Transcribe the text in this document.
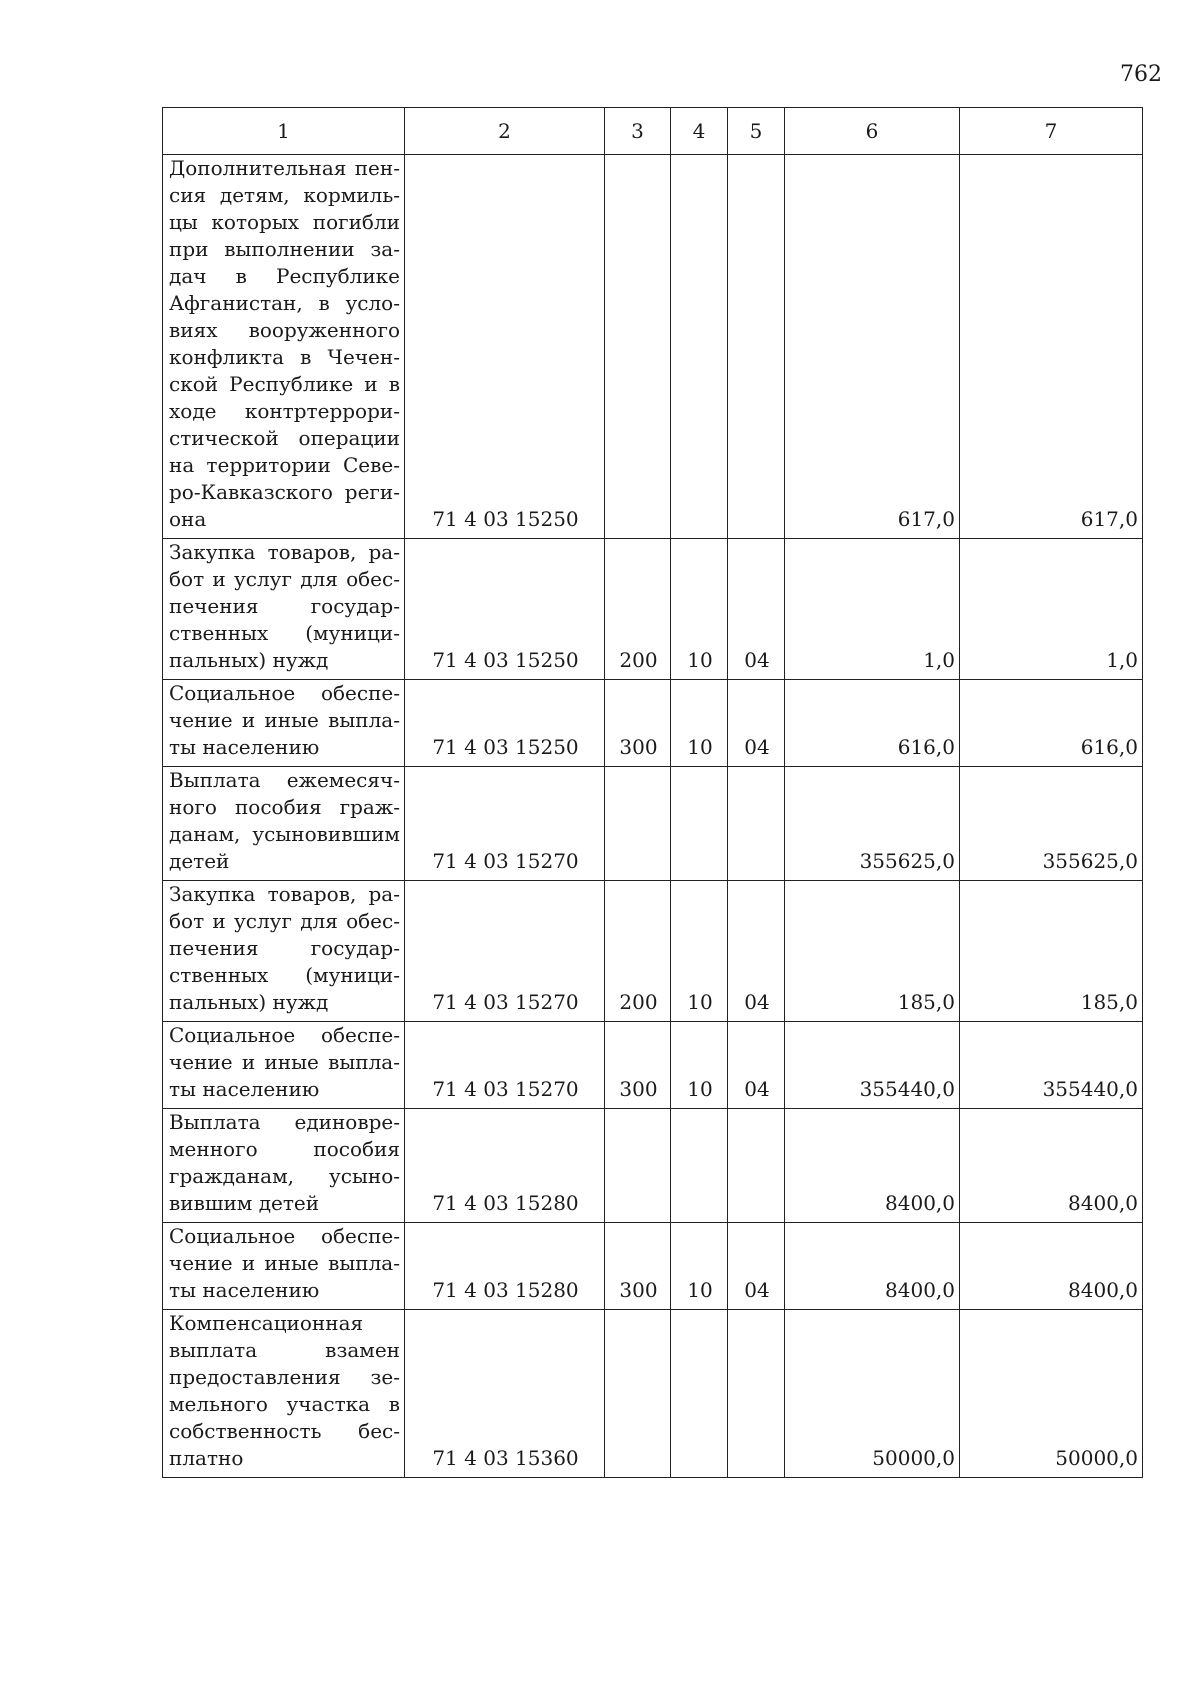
762
1	2	3	4	5	6	7
Дополнительная пенсия детям, кормильцы которых погибли при выполнении задач в Республике Афганистан, в условиях вооруженного конфликта в Чеченской Республике и в ходе контртеррористической операции на территории Северо-Кавказского региона	71 4 03 15250				617,0	617,0
Закупка товаров, работ и услуг для обеспечения государственных (муниципальных) нужд	71 4 03 15250	200	10	04	1,0	1,0
Социальное обеспечение и иные выплаты населению	71 4 03 15250	300	10	04	616,0	616,0
Выплата ежемесячного пособия гражданам, усыновившим детей	71 4 03 15270				355625,0	355625,0
Закупка товаров, работ и услуг для обеспечения государственных (муниципальных) нужд	71 4 03 15270	200	10	04	185,0	185,0
Социальное обеспечение и иные выплаты населению	71 4 03 15270	300	10	04	355440,0	355440,0
Выплата единовременного пособия гражданам, усыновившим детей	71 4 03 15280				8400,0	8400,0
Социальное обеспечение и иные выплаты населению	71 4 03 15280	300	10	04	8400,0	8400,0
Компенсационная выплата взамен предоставления земельного участка в собственность бесплатно	71 4 03 15360				50000,0	50000,0
